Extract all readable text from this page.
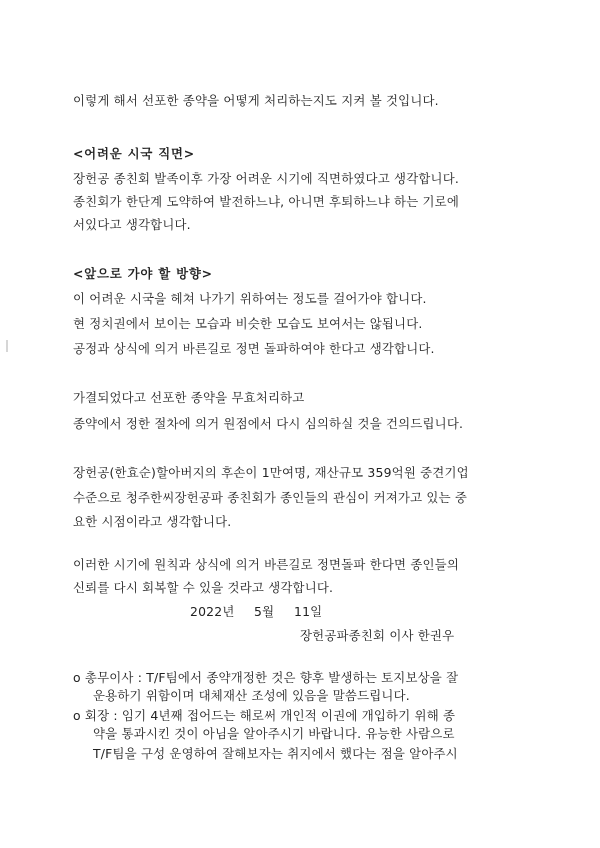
이렇게 해서 선포한 종약을 어떻게 처리하는지도 지켜 볼 것입니다.
<어려운 시국 직면>
장헌공 종친회 발족이후 가장 어려운 시기에 직면하였다고 생각합니다.
종친회가 한단계 도약하여 발전하느냐, 아니면 후퇴하느냐 하는 기로에
서있다고 생각합니다.
<앞으로 가야 할 방향>
이 어려운 시국을 헤쳐 나가기 위하여는 정도를 걸어가야 합니다.
현 정치권에서 보이는 모습과 비슷한 모습도 보여서는 않됩니다.
공정과 상식에 의거 바른길로 정면 돌파하여야 한다고 생각합니다.
가결되었다고 선포한 종약을 무효처리하고
종약에서 정한 절차에 의거 원점에서 다시 심의하실 것을 건의드립니다.
장헌공(한효순)할아버지의 후손이 1만여명, 재산규모 359억원 중견기업
수준으로 청주한씨장헌공파 종친회가 종인들의 관심이 커져가고 있는 중
요한 시점이라고 생각합니다.
이러한 시기에 원칙과 상식에 의거 바른길로 정면돌파 한다면 종인들의
신뢰를 다시 회복할 수 있을 것라고 생각합니다.
2022년 5월 11일
장헌공파종친회 이사 한권우
o 총무이사 : T/F팀에서 종약개정한 것은 향후 발생하는 토지보상을 잘
운용하기 위함이며 대체재산 조성에 있음을 말씀드립니다.
o 회장 : 임기 4년째 접어드는 해로써 개인적 이권에 개입하기 위해 종
약을 통과시킨 것이 아님을 알아주시기 바랍니다. 유능한 사람으로
T/F팀을 구성 운영하여 잘해보자는 취지에서 했다는 점을 알아주시
